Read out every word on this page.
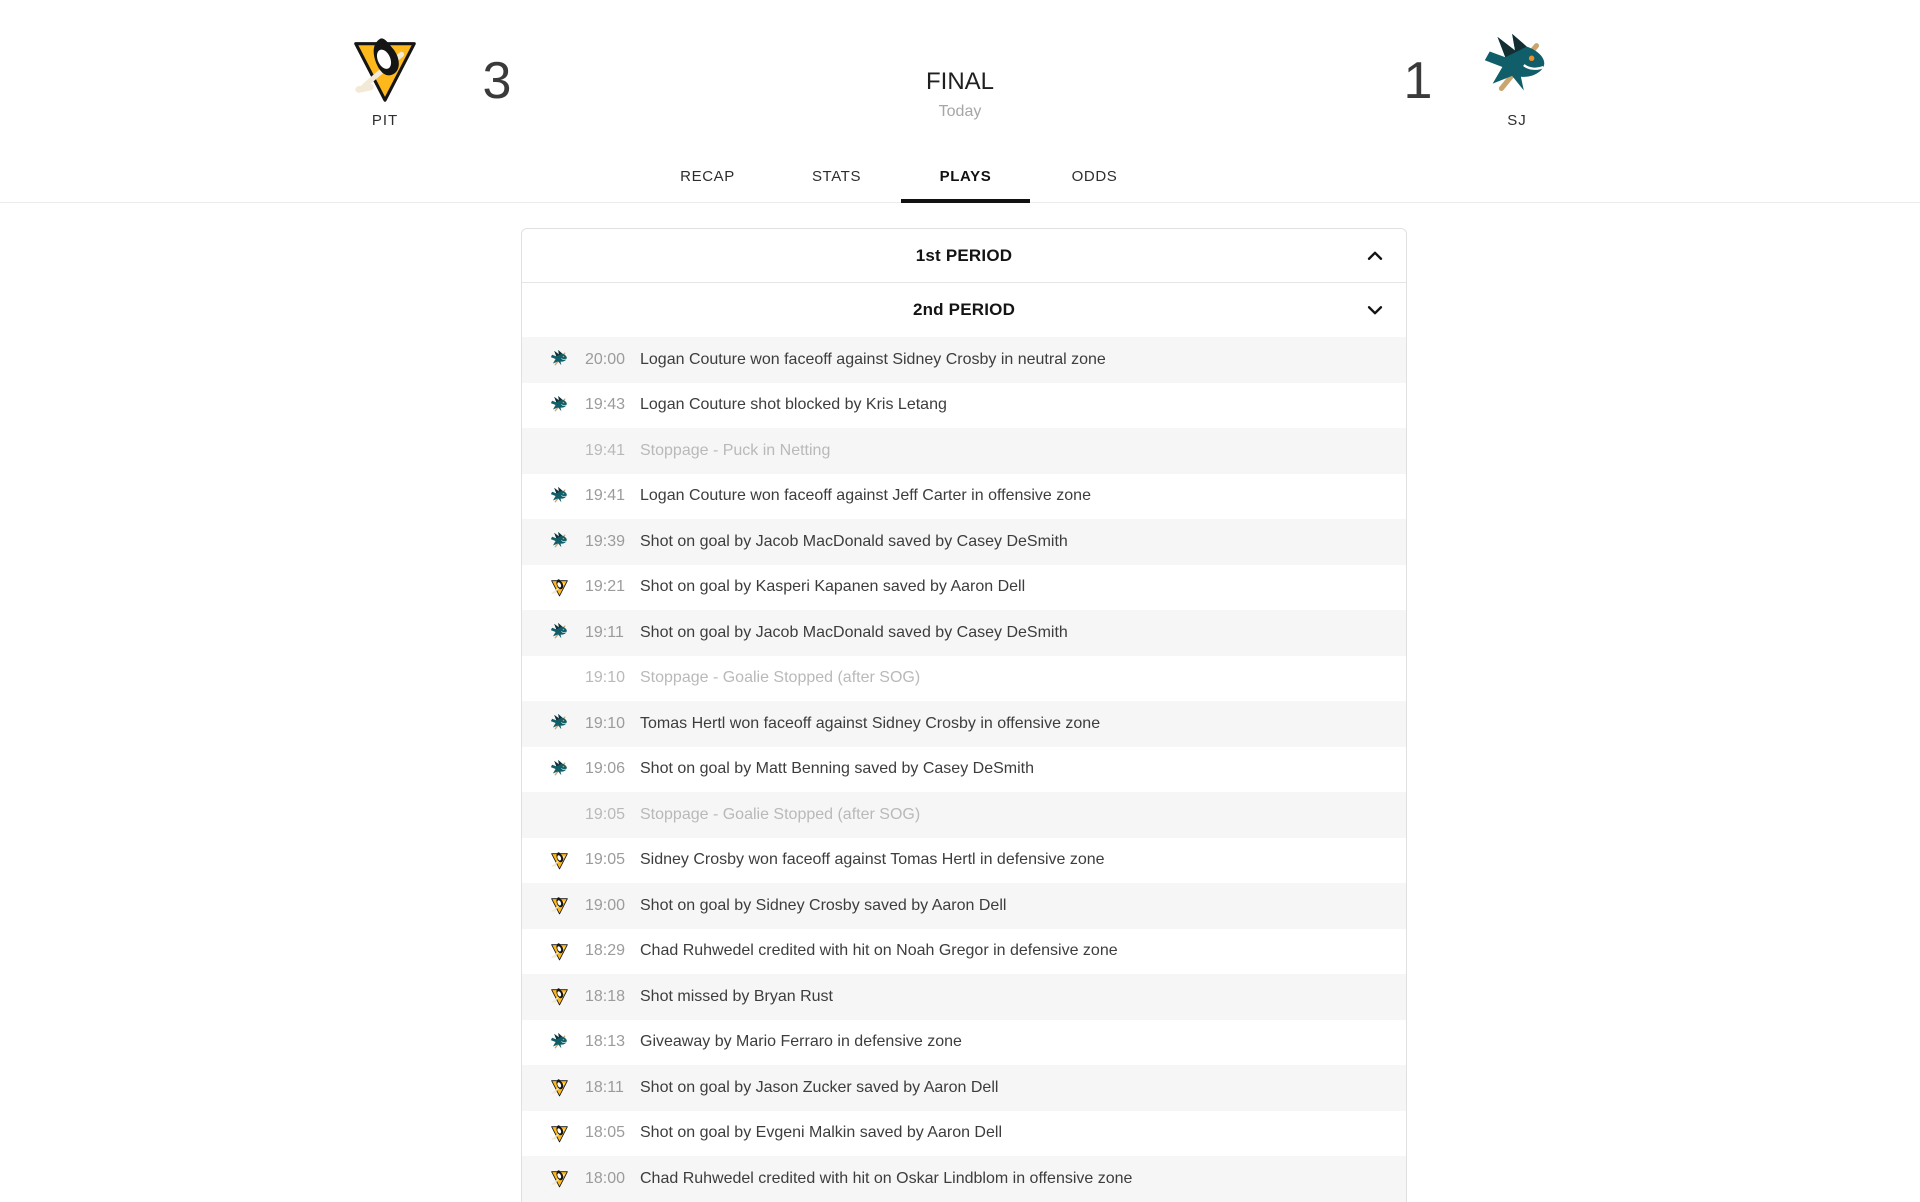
PIT
3	FINAL
Today
1
SJ
RECAP	STATS	PLAYS	ODDS
1st PERIOD
2nd PERIOD
20:00 Logan Couture won faceoff against Sidney Crosby in neutral zone
19:43 Logan Couture shot blocked by Kris Letang
19:41 Stoppage - Puck in Netting
19:41 Logan Couture won faceoff against Jeff Carter in offensive zone
19:39 Shot on goal by Jacob MacDonald saved by Casey DeSmith
19:21 Shot on goal by Kasperi Kapanen saved by Aaron Dell
19:11	Shot on goal by Jacob MacDonald saved by Casey DeSmith
19:10 Stoppage - Goalie Stopped (after SOG)
19:10 Tomas Hertl won faceoff against Sidney Crosby in offensive zone
19:06 Shot on goal by Matt Benning saved by Casey DeSmith
19:05 Stoppage - Goalie Stopped (after SOG)
19:05 Sidney Crosby won faceoff against Tomas Hertl in defensive zone
19:00 Shot on goal by Sidney Crosby saved by Aaron Dell
18:29 Chad Ruhwedel credited with hit on Noah Gregor in defensive zone
18:18 Shot missed by Bryan Rust
18:13 Giveaway by Mario Ferraro in defensive zone
18:11	Shot on goal by Jason Zucker saved by Aaron Dell
18:05 Shot on goal by Evgeni Malkin saved by Aaron Dell
18:00 Chad Ruhwedel credited with hit on Oskar Lindblom in offensive zone
